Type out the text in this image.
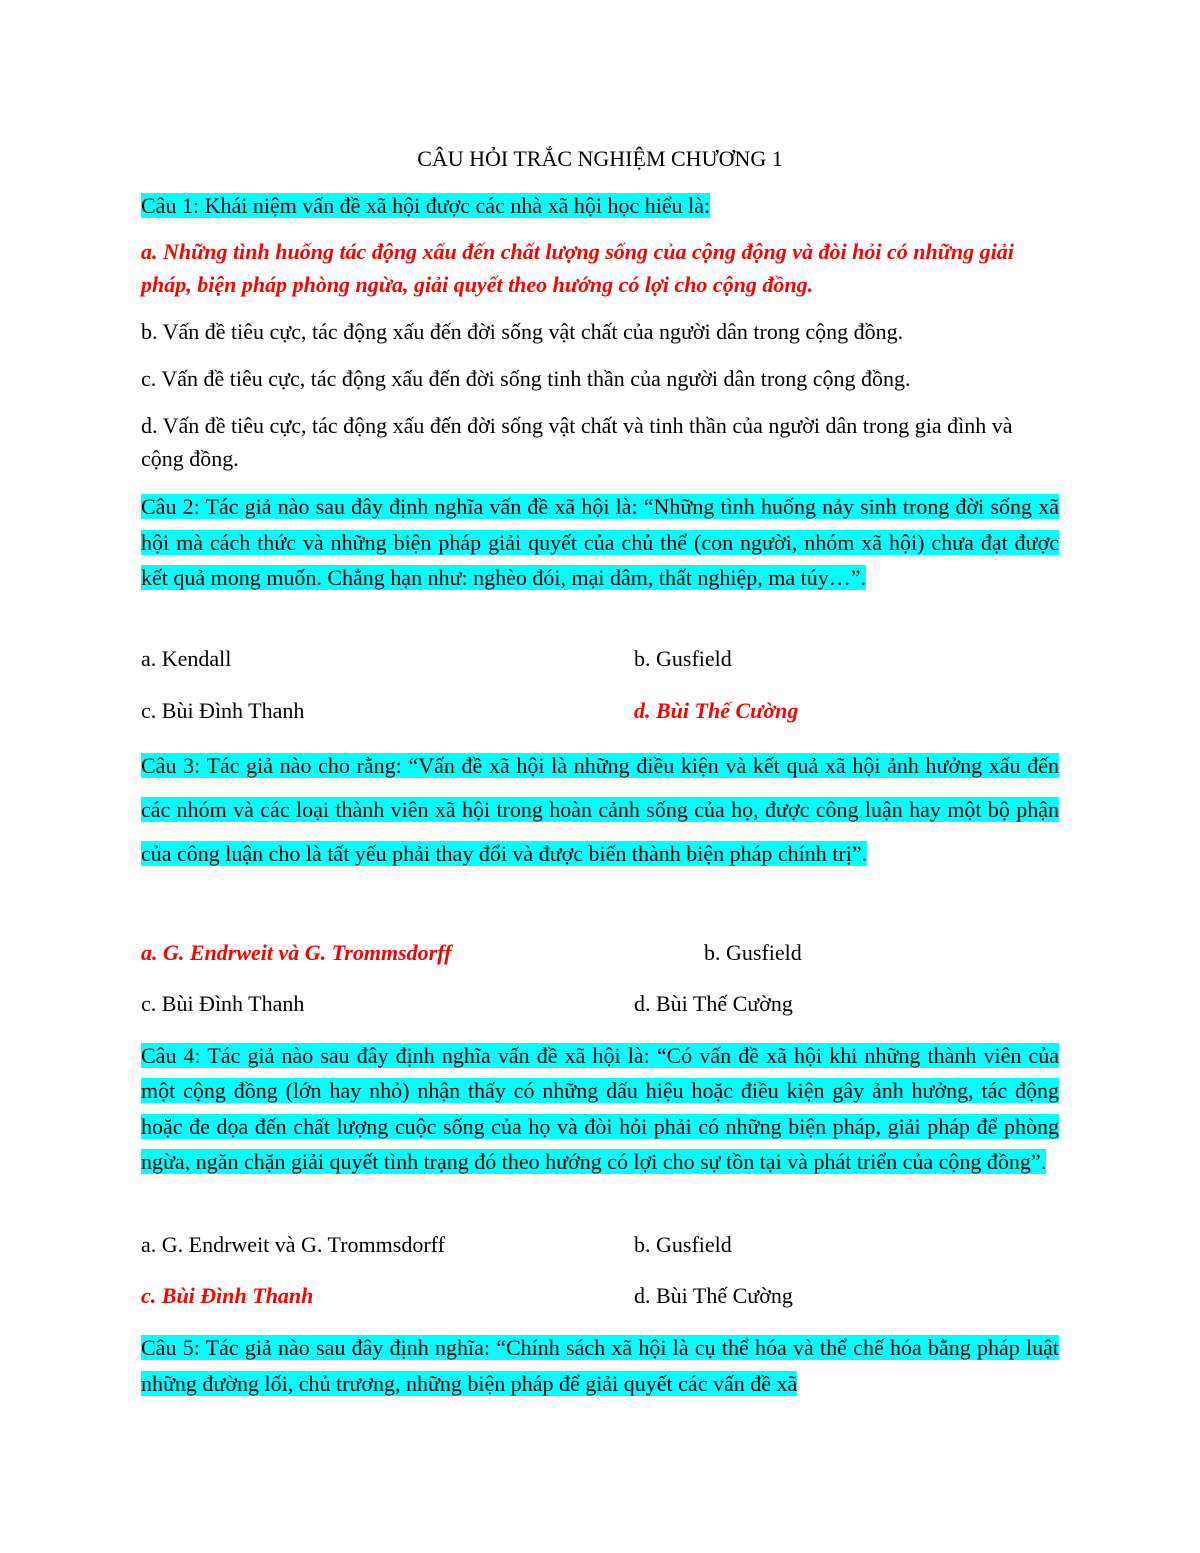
CÂU HỎI TRẮC NGHIỆM CHƯƠNG 1

Câu 1: Khái niệm vấn đề xã hội được các nhà xã hội học hiểu là:

a. Những tình huống tác động xấu đến chất lượng sống của cộng động và đòi hỏi có những giải pháp, biện pháp phòng ngừa, giải quyết theo hướng có lợi cho cộng đồng.

b. Vấn đề tiêu cực, tác động xấu đến đời sống vật chất của người dân trong cộng đồng.

c. Vấn đề tiêu cực, tác động xấu đến đời sống tinh thần của người dân trong cộng đồng.

d. Vấn đề tiêu cực, tác động xấu đến đời sống vật chất và tinh thần của người dân trong gia đình và cộng đồng.

Câu 2: Tác giả nào sau đây định nghĩa vấn đề xã hội là: “Những tình huống nảy sinh trong đời sống xã hội mà cách thức và những biện pháp giải quyết của chủ thể (con người, nhóm xã hội) chưa đạt được kết quả mong muốn. Chẳng hạn như: nghèo đói, mại dâm, thất nghiệp, ma túy…”.

a. Kendall	b. Gusfield
c. Bùi Đình Thanh	d. Bùi Thế Cường

Câu 3: Tác giả nào cho rằng: “Vấn đề xã hội là những điều kiện và kết quả xã hội ảnh hưởng xấu đến các nhóm và các loại thành viên xã hội trong hoàn cảnh sống của họ, được công luận hay một bộ phận của công luận cho là tất yếu phải thay đổi và được biến thành biện pháp chính trị”.

a. G. Endrweit và G. Trommsdorff	b. Gusfield
c. Bùi Đình Thanh	d. Bùi Thế Cường

Câu 4: Tác giả nào sau đây định nghĩa vấn đề xã hội là: “Có vấn đề xã hội khi những thành viên của một cộng đồng (lớn hay nhỏ) nhận thấy có những dấu hiệu hoặc điều kiện gây ảnh hưởng, tác động hoặc đe dọa đến chất lượng cuộc sống của họ và đòi hỏi phải có những biện pháp, giải pháp để phòng ngừa, ngăn chặn giải quyết tình trạng đó theo hướng có lợi cho sự tồn tại và phát triển của cộng đồng”.

a. G. Endrweit và G. Trommsdorff	b. Gusfield
c. Bùi Đình Thanh	d. Bùi Thế Cường

Câu 5: Tác giả nào sau đây định nghĩa: “Chính sách xã hội là cụ thể hóa và thể chế hóa bằng pháp luật những đường lối, chủ trương, những biện pháp để giải quyết các vấn đề xã
